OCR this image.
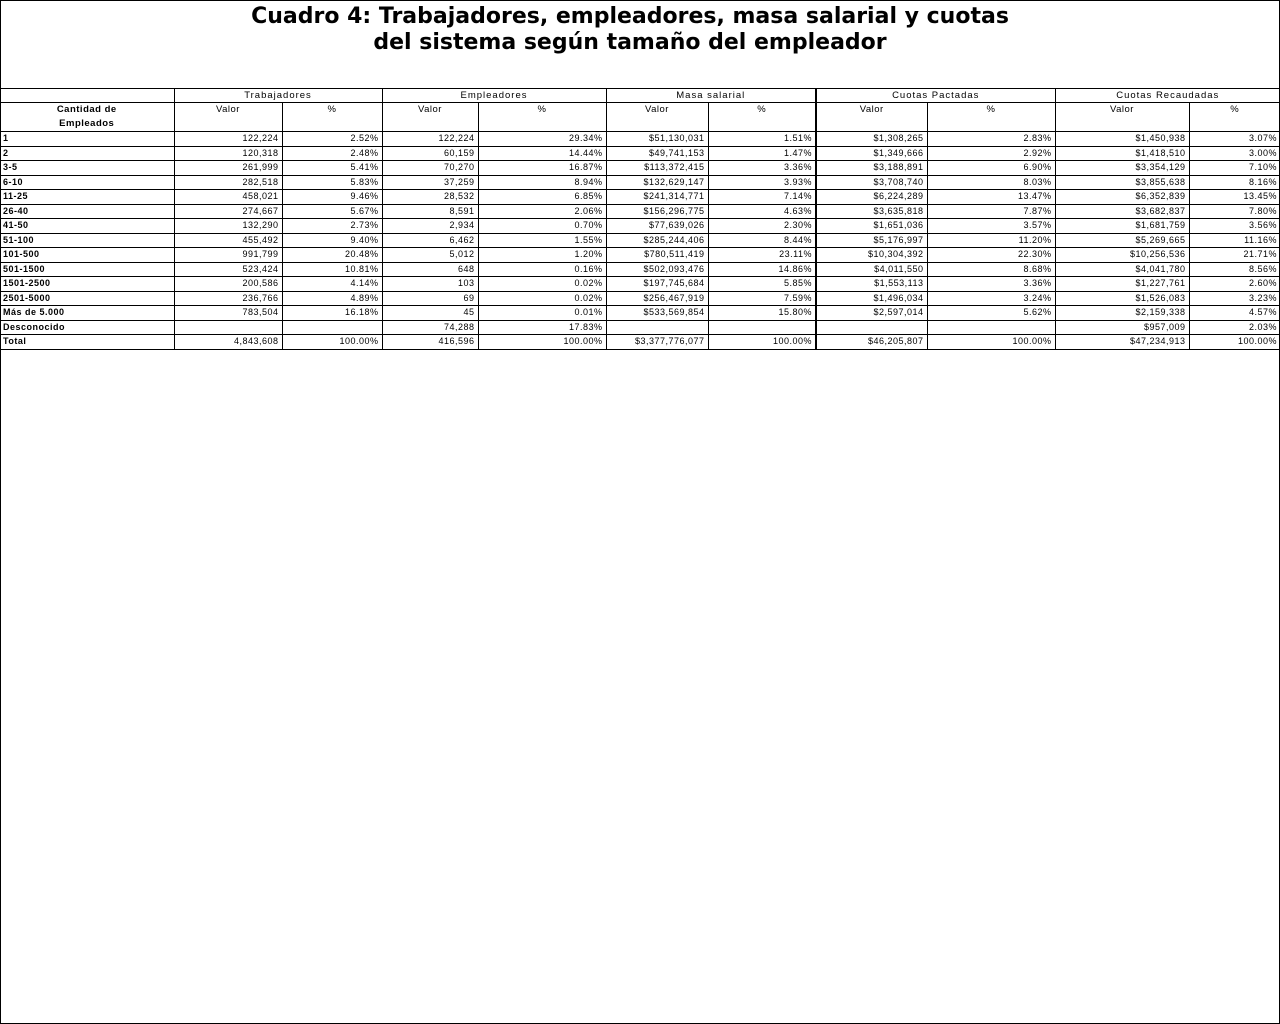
Cuadro 4: Trabajadores, empleadores, masa salarial y cuotas
del sistema según tamaño del empleador
	Trabajadores		Empleadores		Masa salarial		Cuotas Pactadas		Cuotas Recaudadas	

Cantidad de
Empleados	Valor	%	Valor	%	Valor	%	Valor	%	Valor	%
1	122,224	2.52%	122,224	29.34%	$51,130,031	1.51%	$1,308,265	2.83%	$1,450,938	3.07%
2	120,318	2.48%	60,159	14.44%	$49,741,153	1.47%	$1,349,666	2.92%	$1,418,510	3.00%
3-5	261,999	5.41%	70,270	16.87%	$113,372,415	3.36%	$3,188,891	6.90%	$3,354,129	7.10%
6-10	282,518	5.83%	37,259	8.94%	$132,629,147	3.93%	$3,708,740	8.03%	$3,855,638	8.16%
11-25	458,021	9.46%	28,532	6.85%	$241,314,771	7.14%	$6,224,289	13.47%	$6,352,839	13.45%
26-40	274,667	5.67%	8,591	2.06%	$156,296,775	4.63%	$3,635,818	7.87%	$3,682,837	7.80%
41-50	132,290	2.73%	2,934	0.70%	$77,639,026	2.30%	$1,651,036	3.57%	$1,681,759	3.56%
51-100	455,492	9.40%	6,462	1.55%	$285,244,406	8.44%	$5,176,997	11.20%	$5,269,665	11.16%
101-500	991,799	20.48%	5,012	1.20%	$780,511,419	23.11%	$10,304,392	22.30%	$10,256,536	21.71%
501-1500	523,424	10.81%	648	0.16%	$502,093,476	14.86%	$4,011,550	8.68%	$4,041,780	8.56%
1501-2500	200,586	4.14%	103	0.02%	$197,745,684	5.85%	$1,553,113	3.36%	$1,227,761	2.60%
2501-5000	236,766	4.89%	69	0.02%	$256,467,919	7.59%	$1,496,034	3.24%	$1,526,083	3.23%
Más de 5.000	783,504	16.18%	45	0.01%	$533,569,854	15.80%	$2,597,014	5.62%	$2,159,338	4.57%
Desconocido			74,288	17.83%					$957,009	2.03%
Total	4,843,608	100.00%	416,596	100.00%	$3,377,776,077	100.00%	$46,205,807	100.00%	$47,234,913	100.00%
